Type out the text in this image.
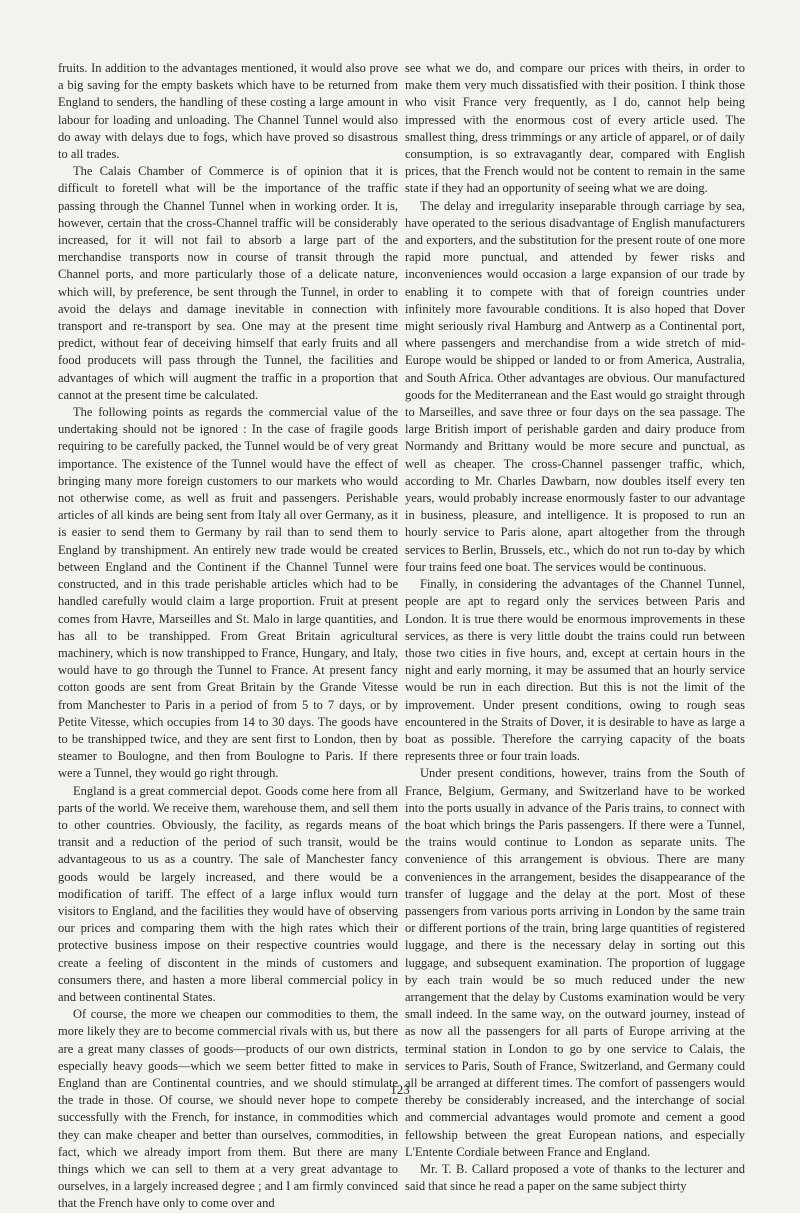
fruits. In addition to the advantages mentioned, it would also prove a big saving for the empty baskets which have to be returned from England to senders, the handling of these costing a large amount in labour for loading and unloading. The Channel Tunnel would also do away with delays due to fogs, which have proved so disastrous to all trades.

The Calais Chamber of Commerce is of opinion that it is difficult to foretell what will be the importance of the traffic passing through the Channel Tunnel when in working order. It is, however, certain that the cross-Channel traffic will be considerably increased, for it will not fail to absorb a large part of the merchandise transports now in course of transit through the Channel ports, and more particularly those of a delicate nature, which will, by preference, be sent through the Tunnel, in order to avoid the delays and damage inevitable in connection with transport and re-transport by sea. One may at the present time predict, without fear of deceiving himself that early fruits and all food producets will pass through the Tunnel, the facilities and advantages of which will augment the traffic in a proportion that cannot at the present time be calculated.

The following points as regards the commercial value of the undertaking should not be ignored : In the case of fragile goods requiring to be carefully packed, the Tunnel would be of very great importance. The existence of the Tunnel would have the effect of bringing many more foreign customers to our markets who would not otherwise come, as well as fruit and passengers. Perishable articles of all kinds are being sent from Italy all over Germany, as it is easier to send them to Germany by rail than to send them to England by transhipment. An entirely new trade would be created between England and the Continent if the Channel Tunnel were constructed, and in this trade perishable articles which had to be handled carefully would claim a large proportion. Fruit at present comes from Havre, Marseilles and St. Malo in large quantities, and has all to be transhipped. From Great Britain agricultural machinery, which is now transhipped to France, Hungary, and Italy, would have to go through the Tunnel to France. At present fancy cotton goods are sent from Great Britain by the Grande Vitesse from Manchester to Paris in a period of from 5 to 7 days, or by Petite Vitesse, which occupies from 14 to 30 days. The goods have to be transhipped twice, and they are sent first to London, then by steamer to Boulogne, and then from Boulogne to Paris. If there were a Tunnel, they would go right through.

England is a great commercial depot. Goods come here from all parts of the world. We receive them, warehouse them, and sell them to other countries. Obviously, the facility, as regards means of transit and a reduction of the period of such transit, would be advantageous to us as a country. The sale of Manchester fancy goods would be largely increased, and there would be a modification of tariff. The effect of a large influx would turn visitors to England, and the facilities they would have of observing our prices and comparing them with the high rates which their protective business impose on their respective countries would create a feeling of discontent in the minds of customers and consumers there, and hasten a more liberal commercial policy in and between continental States.

Of course, the more we cheapen our commodities to them, the more likely they are to become commercial rivals with us, but there are a great many classes of goods—products of our own districts, especially heavy goods—which we seem better fitted to make in England than are Continental countries, and we should stimulate the trade in those. Of course, we should never hope to compete successfully with the French, for instance, in commodities which they can make cheaper and better than ourselves, commodities, in fact, which we already import from them. But there are many things which we can sell to them at a very great advantage to ourselves, in a largely increased degree ; and I am firmly convinced that the French have only to come over and

see what we do, and compare our prices with theirs, in order to make them very much dissatisfied with their position. I think those who visit France very frequently, as I do, cannot help being impressed with the enormous cost of every article used. The smallest thing, dress trimmings or any article of apparel, or of daily consumption, is so extravagantly dear, compared with English prices, that the French would not be content to remain in the same state if they had an opportunity of seeing what we are doing.

The delay and irregularity inseparable through carriage by sea, have operated to the serious disadvantage of English manufacturers and exporters, and the substitution for the present route of one more rapid more punctual, and attended by fewer risks and inconveniences would occasion a large expansion of our trade by enabling it to compete with that of foreign countries under infinitely more favourable conditions. It is also hoped that Dover might seriously rival Hamburg and Antwerp as a Continental port, where passengers and merchandise from a wide stretch of mid-Europe would be shipped or landed to or from America, Australia, and South Africa. Other advantages are obvious. Our manufactured goods for the Mediterranean and the East would go straight through to Marseilles, and save three or four days on the sea passage. The large British import of perishable garden and dairy produce from Normandy and Brittany would be more secure and punctual, as well as cheaper. The cross-Channel passenger traffic, which, according to Mr. Charles Dawbarn, now doubles itself every ten years, would probably increase enormously faster to our advantage in business, pleasure, and intelligence. It is proposed to run an hourly service to Paris alone, apart altogether from the through services to Berlin, Brussels, etc., which do not run to-day by which four trains feed one boat. The services would be continuous.

Finally, in considering the advantages of the Channel Tunnel, people are apt to regard only the services between Paris and London. It is true there would be enormous improvements in these services, as there is very little doubt the trains could run between those two cities in five hours, and, except at certain hours in the night and early morning, it may be assumed that an hourly service would be run in each direction. But this is not the limit of the improvement. Under present conditions, owing to rough seas encountered in the Straits of Dover, it is desirable to have as large a boat as possible. Therefore the carrying capacity of the boats represents three or four train loads.

Under present conditions, however, trains from the South of France, Belgium, Germany, and Switzerland have to be worked into the ports usually in advance of the Paris trains, to connect with the boat which brings the Paris passengers. If there were a Tunnel, the trains would continue to London as separate units. The convenience of this arrangement is obvious. There are many conveniences in the arrangement, besides the disappearance of the transfer of luggage and the delay at the port. Most of these passengers from various ports arriving in London by the same train or different portions of the train, bring large quantities of registered luggage, and there is the necessary delay in sorting out this luggage, and subsequent examination. The proportion of luggage by each train would be so much reduced under the new arrangement that the delay by Customs examination would be very small indeed. In the same way, on the outward journey, instead of as now all the passengers for all parts of Europe arriving at the terminal station in London to go by one service to Calais, the services to Paris, South of France, Switzerland, and Germany could all be arranged at different times. The comfort of passengers would thereby be considerably increased, and the interchange of social and commercial advantages would promote and cement a good fellowship between the great European nations, and especially L'Entente Cordiale between France and England.

Mr. T. B. Callard proposed a vote of thanks to the lecturer and said that since he read a paper on the same subject thirty

123
